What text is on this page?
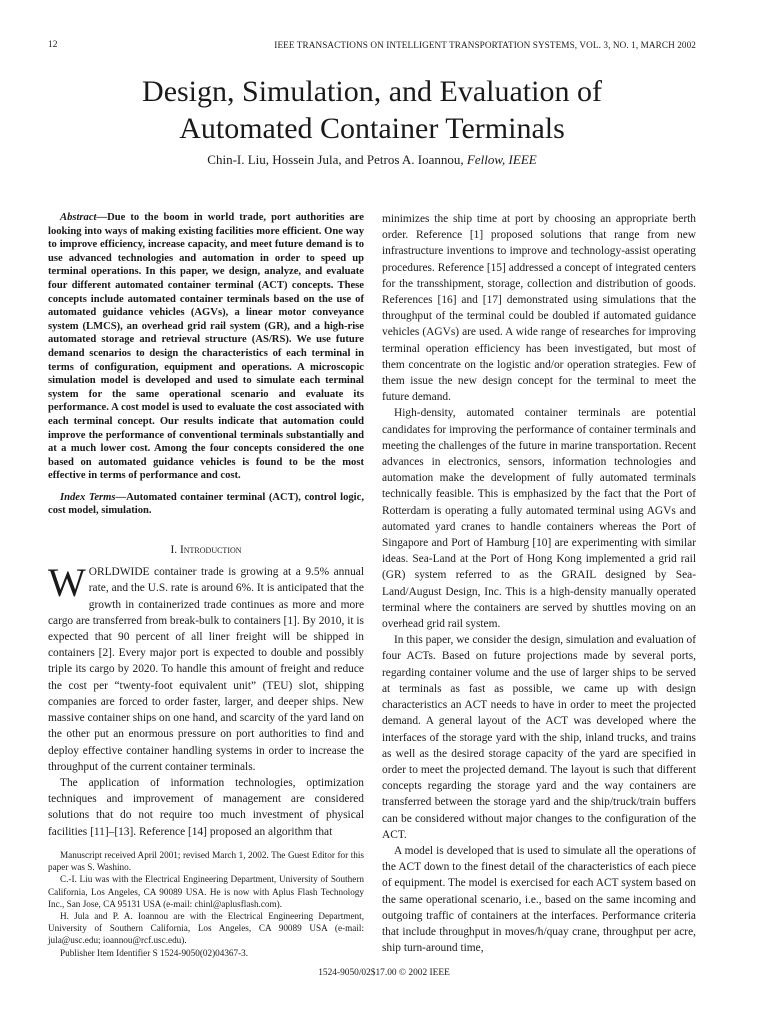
12	IEEE TRANSACTIONS ON INTELLIGENT TRANSPORTATION SYSTEMS, VOL. 3, NO. 1, MARCH 2002
Design, Simulation, and Evaluation of
Automated Container Terminals
Chin-I. Liu, Hossein Jula, and Petros A. Ioannou, Fellow, IEEE

Abstract—Due to the boom in world trade, port authorities are looking into ways of making existing facilities more efficient. One way to improve efficiency, increase capacity, and meet future demand is to use advanced technologies and automation in order to speed up terminal operations. In this paper, we design, analyze, and evaluate four different automated container terminal (ACT) concepts. These concepts include automated container terminals based on the use of automated guidance vehicles (AGVs), a linear motor conveyance system (LMCS), an overhead grid rail system (GR), and a high-rise automated storage and retrieval structure (AS/RS). We use future demand scenarios to design the characteristics of each terminal in terms of configuration, equipment and operations. A microscopic simulation model is developed and used to simulate each terminal system for the same operational scenario and evaluate its performance. A cost model is used to evaluate the cost associated with each terminal concept. Our results indicate that automation could improve the performance of conventional terminals substantially and at a much lower cost. Among the four concepts considered the one based on automated guidance vehicles is found to be the most effective in terms of performance and cost.

Index Terms—Automated container terminal (ACT), control logic, cost model, simulation.

I. Introduction

WORLDWIDE container trade is growing at a 9.5% annual rate, and the U.S. rate is around 6%. It is anticipated that the growth in containerized trade continues as more and more cargo are transferred from break-bulk to containers [1]. By 2010, it is expected that 90 percent of all liner freight will be shipped in containers [2]. Every major port is expected to double and possibly triple its cargo by 2020. To handle this amount of freight and reduce the cost per “twenty-foot equivalent unit” (TEU) slot, shipping companies are forced to order faster, larger, and deeper ships. New massive container ships on one hand, and scarcity of the yard land on the other put an enormous pressure on port authorities to find and deploy effective container handling systems in order to increase the throughput of the current container terminals.

The application of information technologies, optimization techniques and improvement of management are considered solutions that do not require too much investment of physical facilities [11]–[13]. Reference [14] proposed an algorithm that

Manuscript received April 2001; revised March 1, 2002. The Guest Editor for this paper was S. Washino.

C.-I. Liu was with the Electrical Engineering Department, University of Southern California, Los Angeles, CA 90089 USA. He is now with Aplus Flash Technology Inc., San Jose, CA 95131 USA (e-mail: chinl@aplusflash.com).

H. Jula and P. A. Ioannou are with the Electrical Engineering Department, University of Southern California, Los Angeles, CA 90089 USA (e-mail: jula@usc.edu; ioannou@rcf.usc.edu).

Publisher Item Identifier S 1524-9050(02)04367-3.

minimizes the ship time at port by choosing an appropriate berth order. Reference [1] proposed solutions that range from new infrastructure inventions to improve and technology-assist operating procedures. Reference [15] addressed a concept of integrated centers for the transshipment, storage, collection and distribution of goods. References [16] and [17] demonstrated using simulations that the throughput of the terminal could be doubled if automated guidance vehicles (AGVs) are used. A wide range of researches for improving terminal operation efficiency has been investigated, but most of them concentrate on the logistic and/or operation strategies. Few of them issue the new design concept for the terminal to meet the future demand.

High-density, automated container terminals are potential candidates for improving the performance of container terminals and meeting the challenges of the future in marine transportation. Recent advances in electronics, sensors, information technologies and automation make the development of fully automated terminals technically feasible. This is emphasized by the fact that the Port of Rotterdam is operating a fully automated terminal using AGVs and automated yard cranes to handle containers whereas the Port of Singapore and Port of Hamburg [10] are experimenting with similar ideas. Sea-Land at the Port of Hong Kong implemented a grid rail (GR) system referred to as the GRAIL designed by Sea-Land/August Design, Inc. This is a high-density manually operated terminal where the containers are served by shuttles moving on an overhead grid rail system.

In this paper, we consider the design, simulation and evaluation of four ACTs. Based on future projections made by several ports, regarding container volume and the use of larger ships to be served at terminals as fast as possible, we came up with design characteristics an ACT needs to have in order to meet the projected demand. A general layout of the ACT was developed where the interfaces of the storage yard with the ship, inland trucks, and trains as well as the desired storage capacity of the yard are specified in order to meet the projected demand. The layout is such that different concepts regarding the storage yard and the way containers are transferred between the storage yard and the ship/truck/train buffers can be considered without major changes to the configuration of the ACT.

A model is developed that is used to simulate all the operations of the ACT down to the finest detail of the characteristics of each piece of equipment. The model is exercised for each ACT system based on the same operational scenario, i.e., based on the same incoming and outgoing traffic of containers at the interfaces. Performance criteria that include throughput in moves/h/quay crane, throughput per acre, ship turn-around time,

1524-9050/02$17.00 © 2002 IEEE
